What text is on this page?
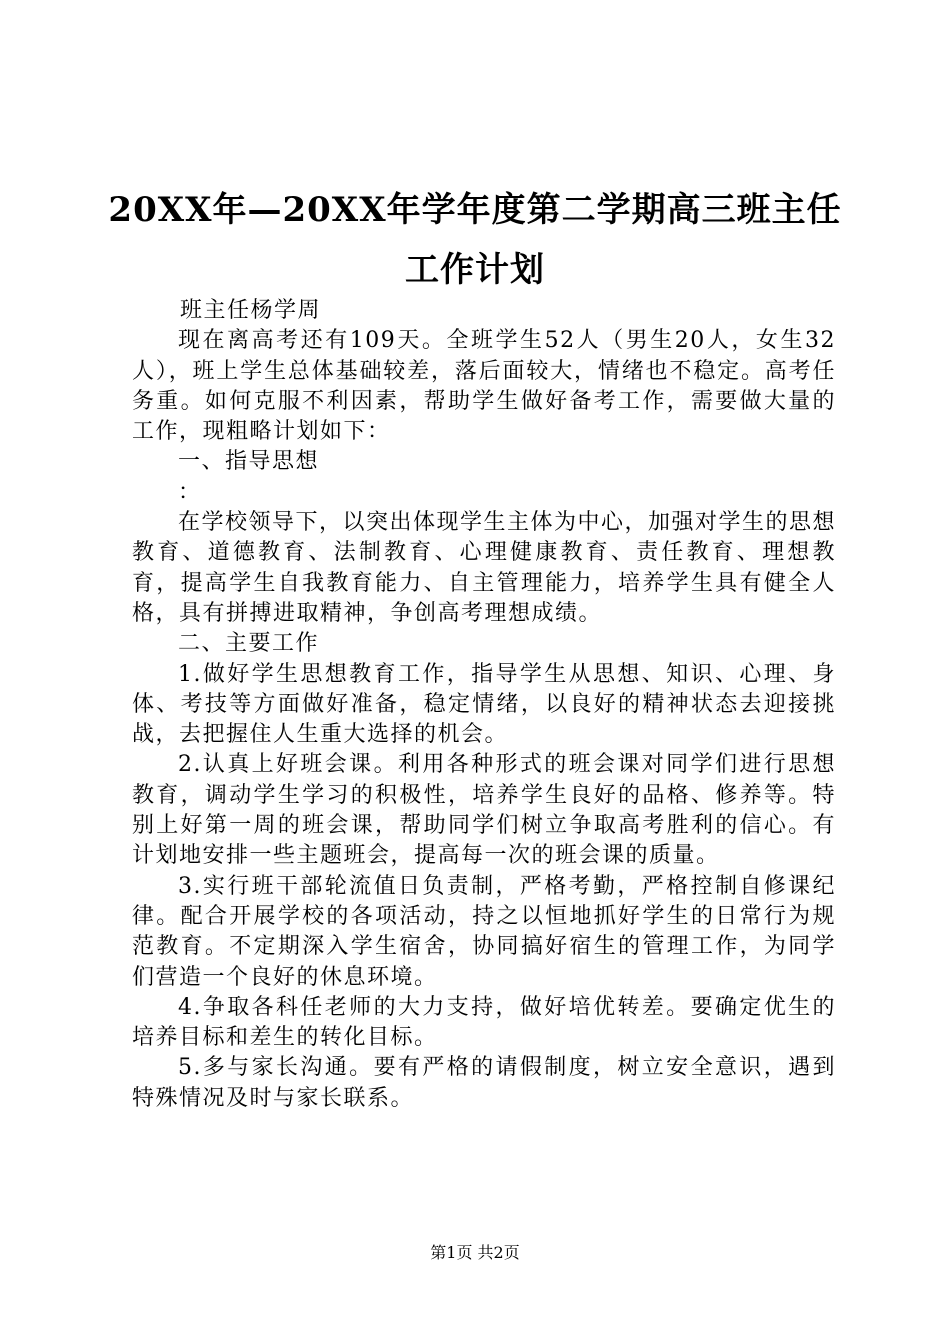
20XX年—20XX年学年度第二学期高三班主任
工作计划

班主任杨学周

现在离高考还有109天。全班学生52人（男生20人，女生32人），班上学生总体基础较差，落后面较大，情绪也不稳定。高考任务重。如何克服不利因素，帮助学生做好备考工作，需要做大量的工作，现粗略计划如下：

一、指导思想

：

在学校领导下，以突出体现学生主体为中心，加强对学生的思想教育、道德教育、法制教育、心理健康教育、责任教育、理想教育，提高学生自我教育能力、自主管理能力，培养学生具有健全人格，具有拼搏进取精神，争创高考理想成绩。

二、主要工作

1.做好学生思想教育工作，指导学生从思想、知识、心理、身体、考技等方面做好准备，稳定情绪，以良好的精神状态去迎接挑战，去把握住人生重大选择的机会。

2.认真上好班会课。利用各种形式的班会课对同学们进行思想教育，调动学生学习的积极性，培养学生良好的品格、修养等。特别上好第一周的班会课，帮助同学们树立争取高考胜利的信心。有计划地安排一些主题班会，提高每一次的班会课的质量。

3.实行班干部轮流值日负责制，严格考勤，严格控制自修课纪律。配合开展学校的各项活动，持之以恒地抓好学生的日常行为规范教育。不定期深入学生宿舍，协同搞好宿生的管理工作，为同学们营造一个良好的休息环境。

4.争取各科任老师的大力支持，做好培优转差。要确定优生的培养目标和差生的转化目标。

5.多与家长沟通。要有严格的请假制度，树立安全意识，遇到特殊情况及时与家长联系。

第1页 共2页
